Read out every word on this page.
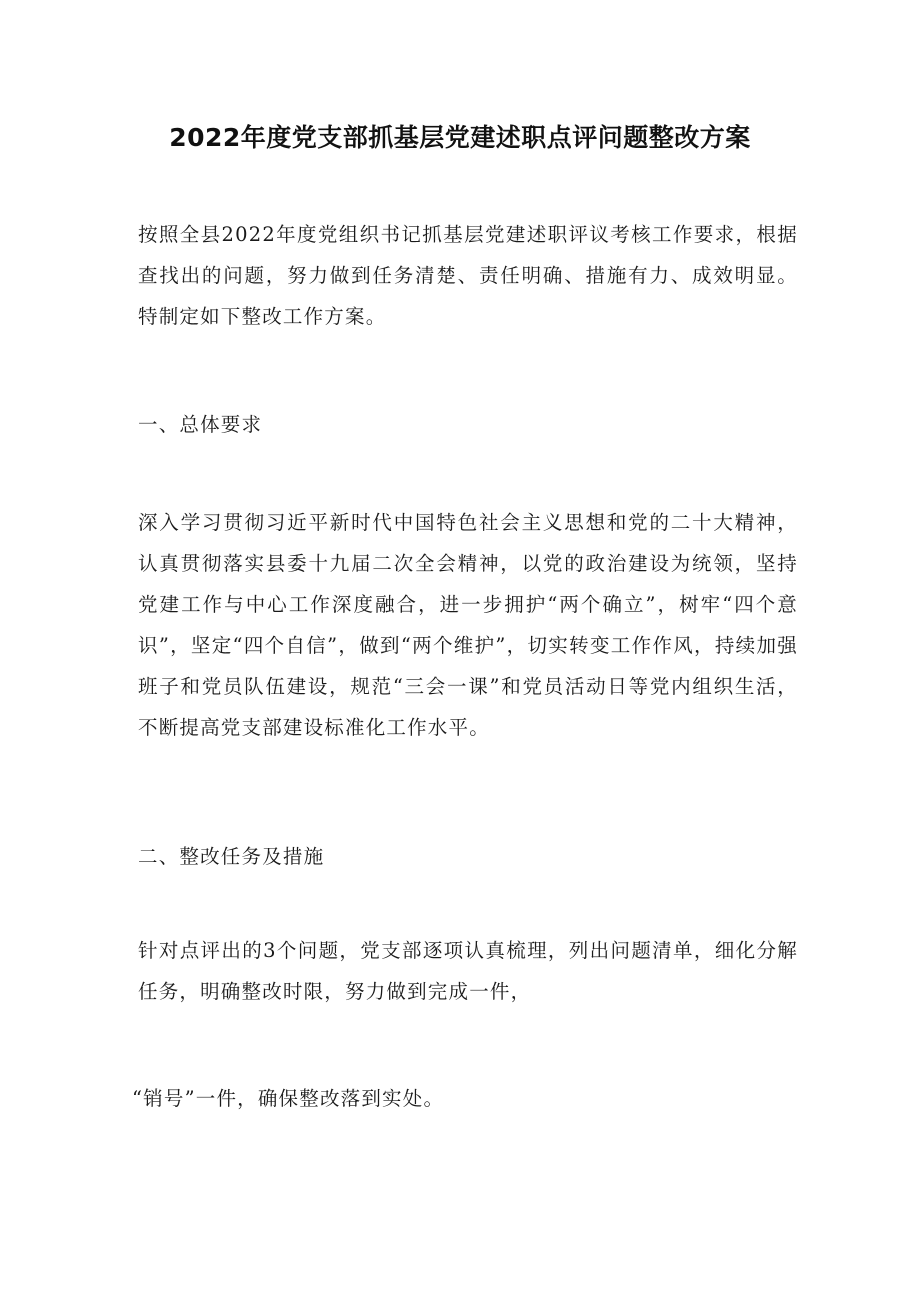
2022年度党支部抓基层党建述职点评问题整改方案

按照全县2022年度党组织书记抓基层党建述职评议考核工作要求，根据查找出的问题，努力做到任务清楚、责任明确、措施有力、成效明显。特制定如下整改工作方案。

一、总体要求

深入学习贯彻习近平新时代中国特色社会主义思想和党的二十大精神，认真贯彻落实县委十九届二次全会精神，以党的政治建设为统领，坚持党建工作与中心工作深度融合，进一步拥护“两个确立”，树牢“四个意识”，坚定“四个自信”，做到“两个维护”，切实转变工作作风，持续加强班子和党员队伍建设，规范“三会一课”和党员活动日等党内组织生活，不断提高党支部建设标准化工作水平。

二、整改任务及措施

针对点评出的3个问题，党支部逐项认真梳理，列出问题清单，细化分解任务，明确整改时限，努力做到完成一件，

“销号”一件，确保整改落到实处。
